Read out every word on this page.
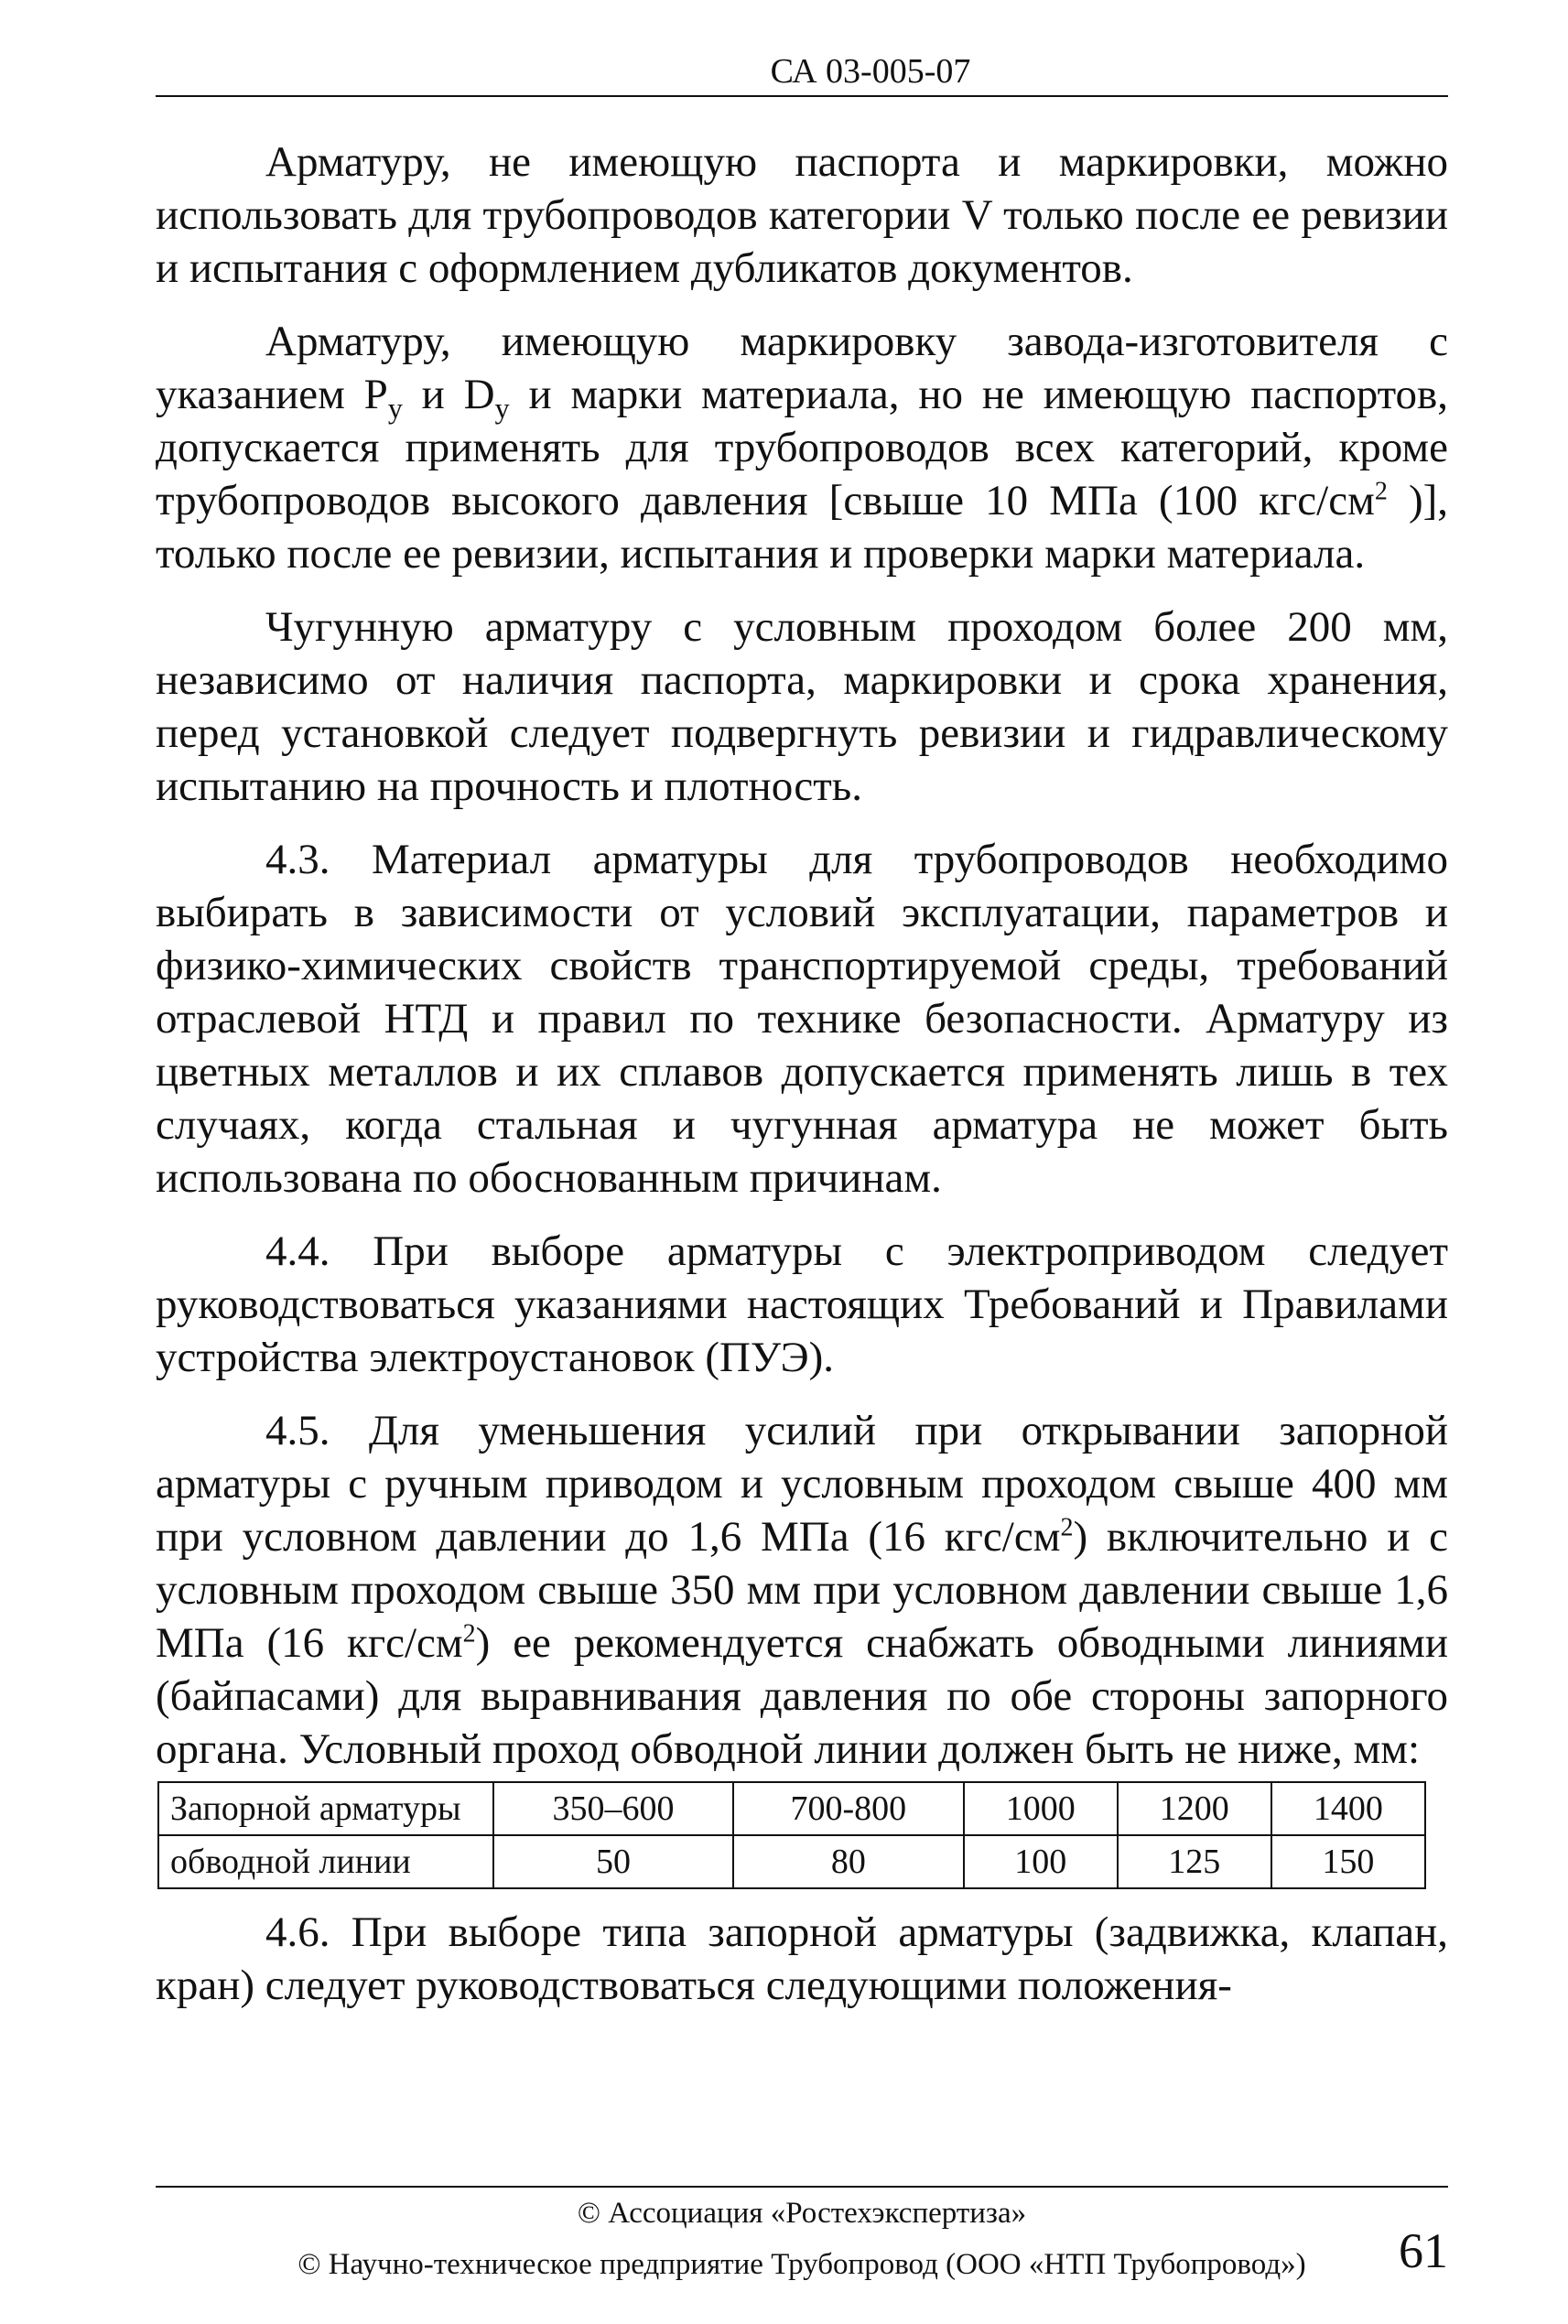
СА 03-005-07

Арматуру, не имеющую паспорта и маркировки, можно использовать для трубопроводов категории V только после ее ревизии и испытания с оформлением дубликатов документов.

Арматуру, имеющую маркировку завода-изготовителя с указанием $P_y$ и $D_y$ и марки материала, но не имеющую паспортов, допускается применять для трубопроводов всех категорий, кроме трубопроводов высокого давления [свыше 10 МПа (100 кгс/$см^2$ )], только после ее ревизии, испытания и проверки марки материала.

Чугунную арматуру с условным проходом более 200 мм, независимо от наличия паспорта, маркировки и срока хранения, перед установкой следует подвергнуть ревизии и гидравлическому испытанию на прочность и плотность.

4.3. Материал арматуры для трубопроводов необходимо выбирать в зависимости от условий эксплуатации, параметров и физико-химических свойств транспортируемой среды, требований отраслевой НТД и правил по технике безопасности. Арматуру из цветных металлов и их сплавов допускается применять лишь в тех случаях, когда стальная и чугунная арматура не может быть использована по обоснованным причинам.

4.4. При выборе арматуры с электроприводом следует руководствоваться указаниями настоящих Требований и Правилами устройства электроустановок (ПУЭ).

4.5. Для уменьшения усилий при открывании запорной арматуры с ручным приводом и условным проходом свыше 400 мм при условном давлении до 1,6 МПа (16 кгс/$см^2$) включительно и с условным проходом свыше 350 мм при условном давлении свыше 1,6 МПа (16 кгс/$см^2$) ее рекомендуется снабжать обводными линиями (байпасами) для выравнивания давления по обе стороны запорного органа. Условный проход обводной линии должен быть не ниже, мм:

Запорной арматуры	350–600	700-800	1000	1200	1400
обводной линии	50	80	100	125	150

4.6. При выборе типа запорной арматуры (задвижка, клапан, кран) следует руководствоваться следующими положения-

© Ассоциация «Ростехэкспертиза»
© Научно-техническое предприятие Трубопровод (ООО «НТП Трубопровод»)	61
